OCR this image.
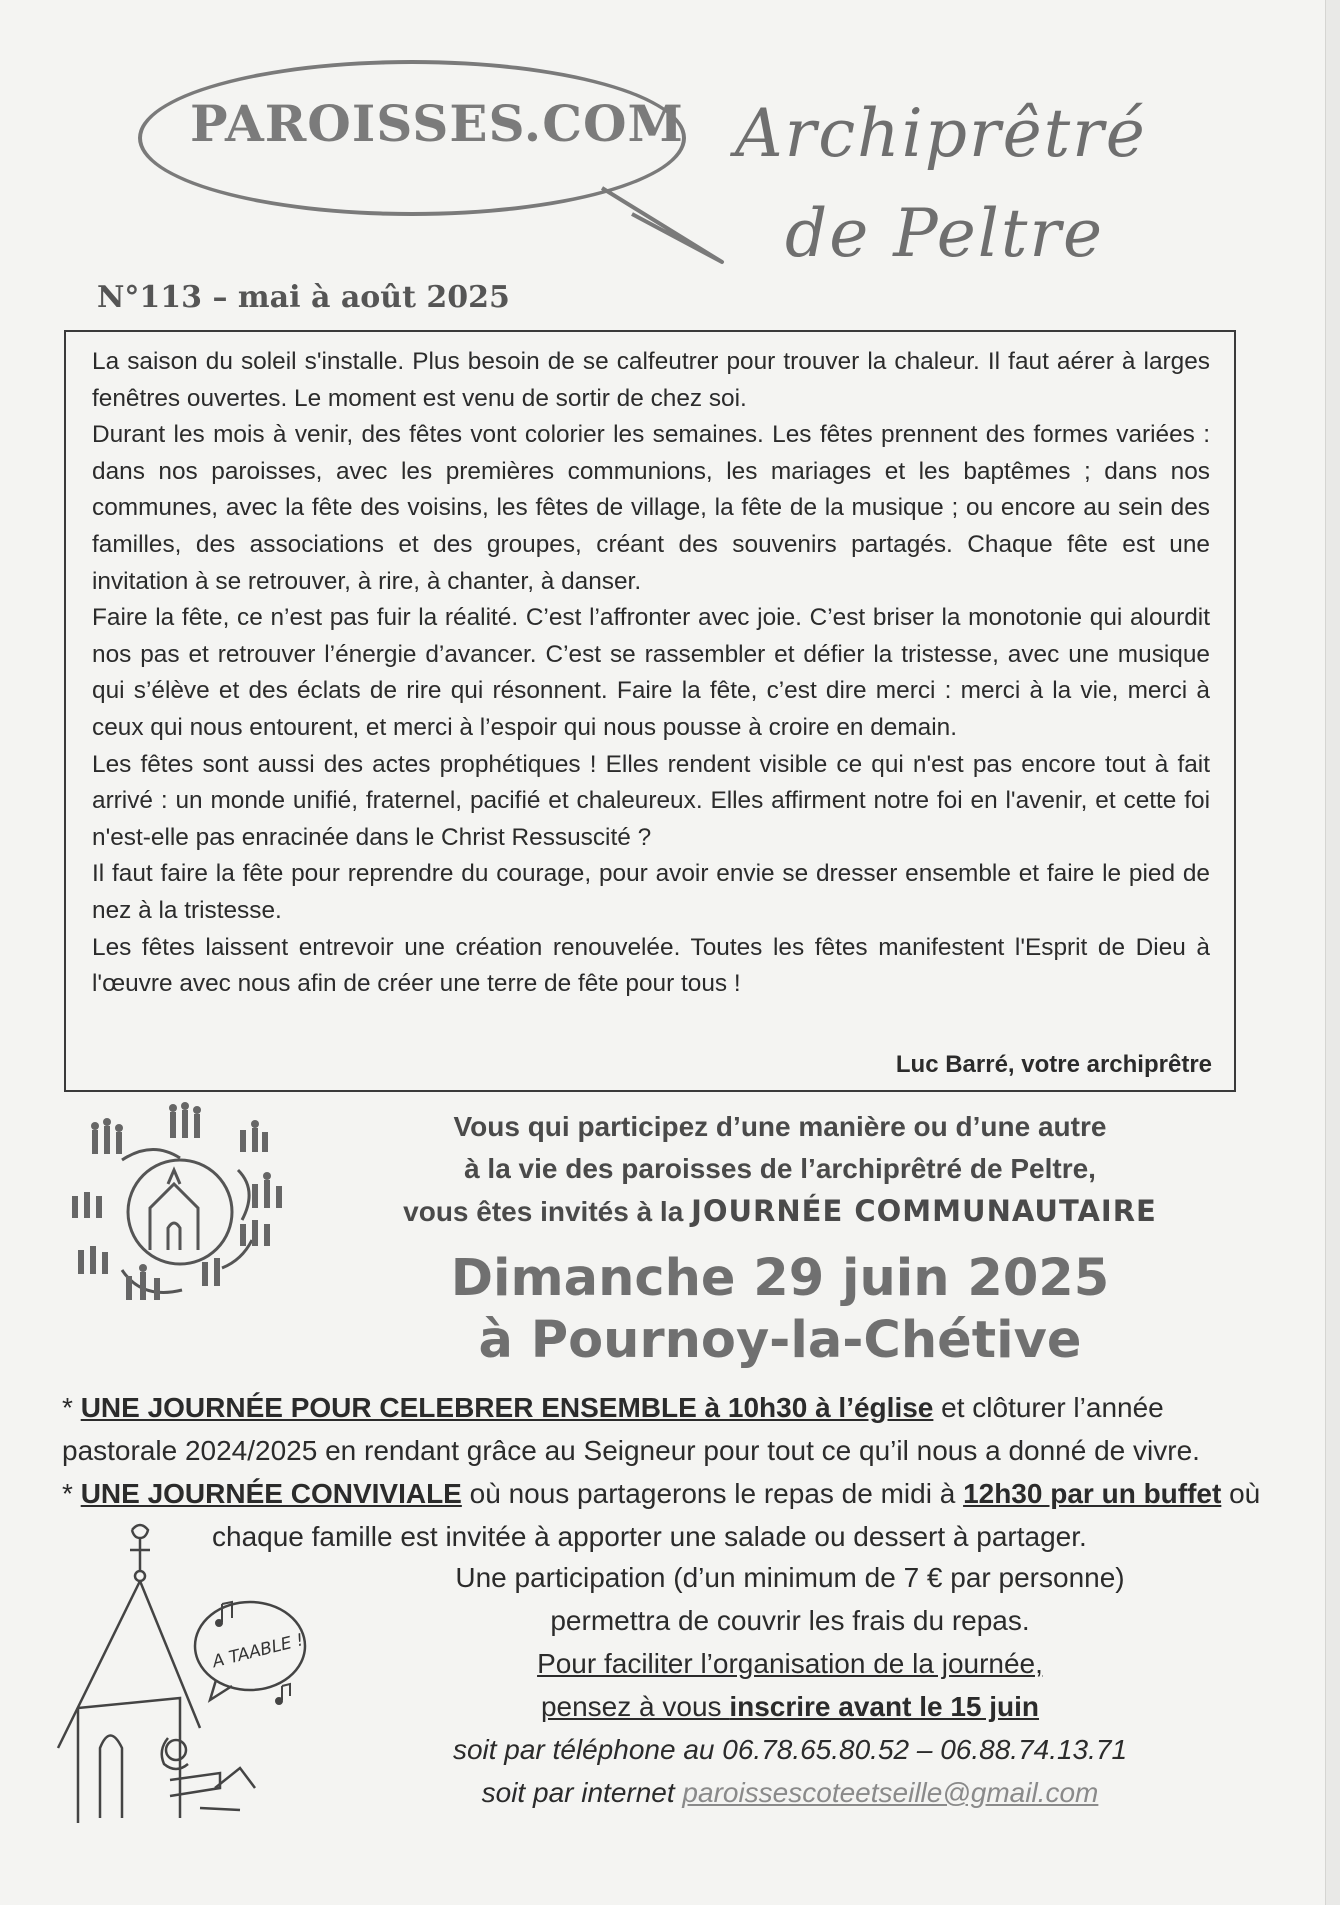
PAROISSES.COM Archiprêtré
de Peltre
N°113 – mai à août 2025

La saison du soleil s'installe. Plus besoin de se calfeutrer pour trouver la chaleur. Il faut aérer à larges fenêtres ouvertes. Le moment est venu de sortir de chez soi.

Durant les mois à venir, des fêtes vont colorier les semaines. Les fêtes prennent des formes variées : dans nos paroisses, avec les premières communions, les mariages et les baptêmes ; dans nos communes, avec la fête des voisins, les fêtes de village, la fête de la musique ; ou encore au sein des familles, des associations et des groupes, créant des souvenirs partagés. Chaque fête est une invitation à se retrouver, à rire, à chanter, à danser.

Faire la fête, ce n’est pas fuir la réalité. C’est l’affronter avec joie. C’est briser la monotonie qui alourdit nos pas et retrouver l’énergie d’avancer. C’est se rassembler et défier la tristesse, avec une musique qui s’élève et des éclats de rire qui résonnent. Faire la fête, c’est dire merci : merci à la vie, merci à ceux qui nous entourent, et merci à l’espoir qui nous pousse à croire en demain.

Les fêtes sont aussi des actes prophétiques ! Elles rendent visible ce qui n'est pas encore tout à fait arrivé : un monde unifié, fraternel, pacifié et chaleureux. Elles affirment notre foi en l'avenir, et cette foi n'est-elle pas enracinée dans le Christ Ressuscité ?

Il faut faire la fête pour reprendre du courage, pour avoir envie se dresser ensemble et faire le pied de nez à la tristesse.

Les fêtes laissent entrevoir une création renouvelée. Toutes les fêtes manifestent l'Esprit de Dieu à l'œuvre avec nous afin de créer une terre de fête pour tous !

Luc Barré, votre archiprêtre
Vous qui participez d’une manière ou d’une autre
à la vie des paroisses de l’archiprêtré de Peltre,
vous êtes invités à la JOURNÉE COMMUNAUTAIRE
Dimanche 29 juin 2025
à Pournoy-la-Chétive

* UNE JOURNÉE POUR CELEBRER ENSEMBLE à 10h30 à l’église et clôturer l’année pastorale 2024/2025 en rendant grâce au Seigneur pour tout ce qu’il nous a donné de vivre.

* UNE JOURNÉE CONVIVIALE où nous partagerons le repas de midi à 12h30 par un buffet où

chaque famille est invitée à apporter une salade ou dessert à partager.

Une participation (d’un minimum de 7 € par personne)

permettra de couvrir les frais du repas.

Pour faciliter l’organisation de la journée,

pensez à vous inscrire avant le 15 juin

soit par téléphone au 06.78.65.80.52 – 06.88.74.13.71

soit par internet paroissescoteetseille@gmail.com

A TAABLE !
